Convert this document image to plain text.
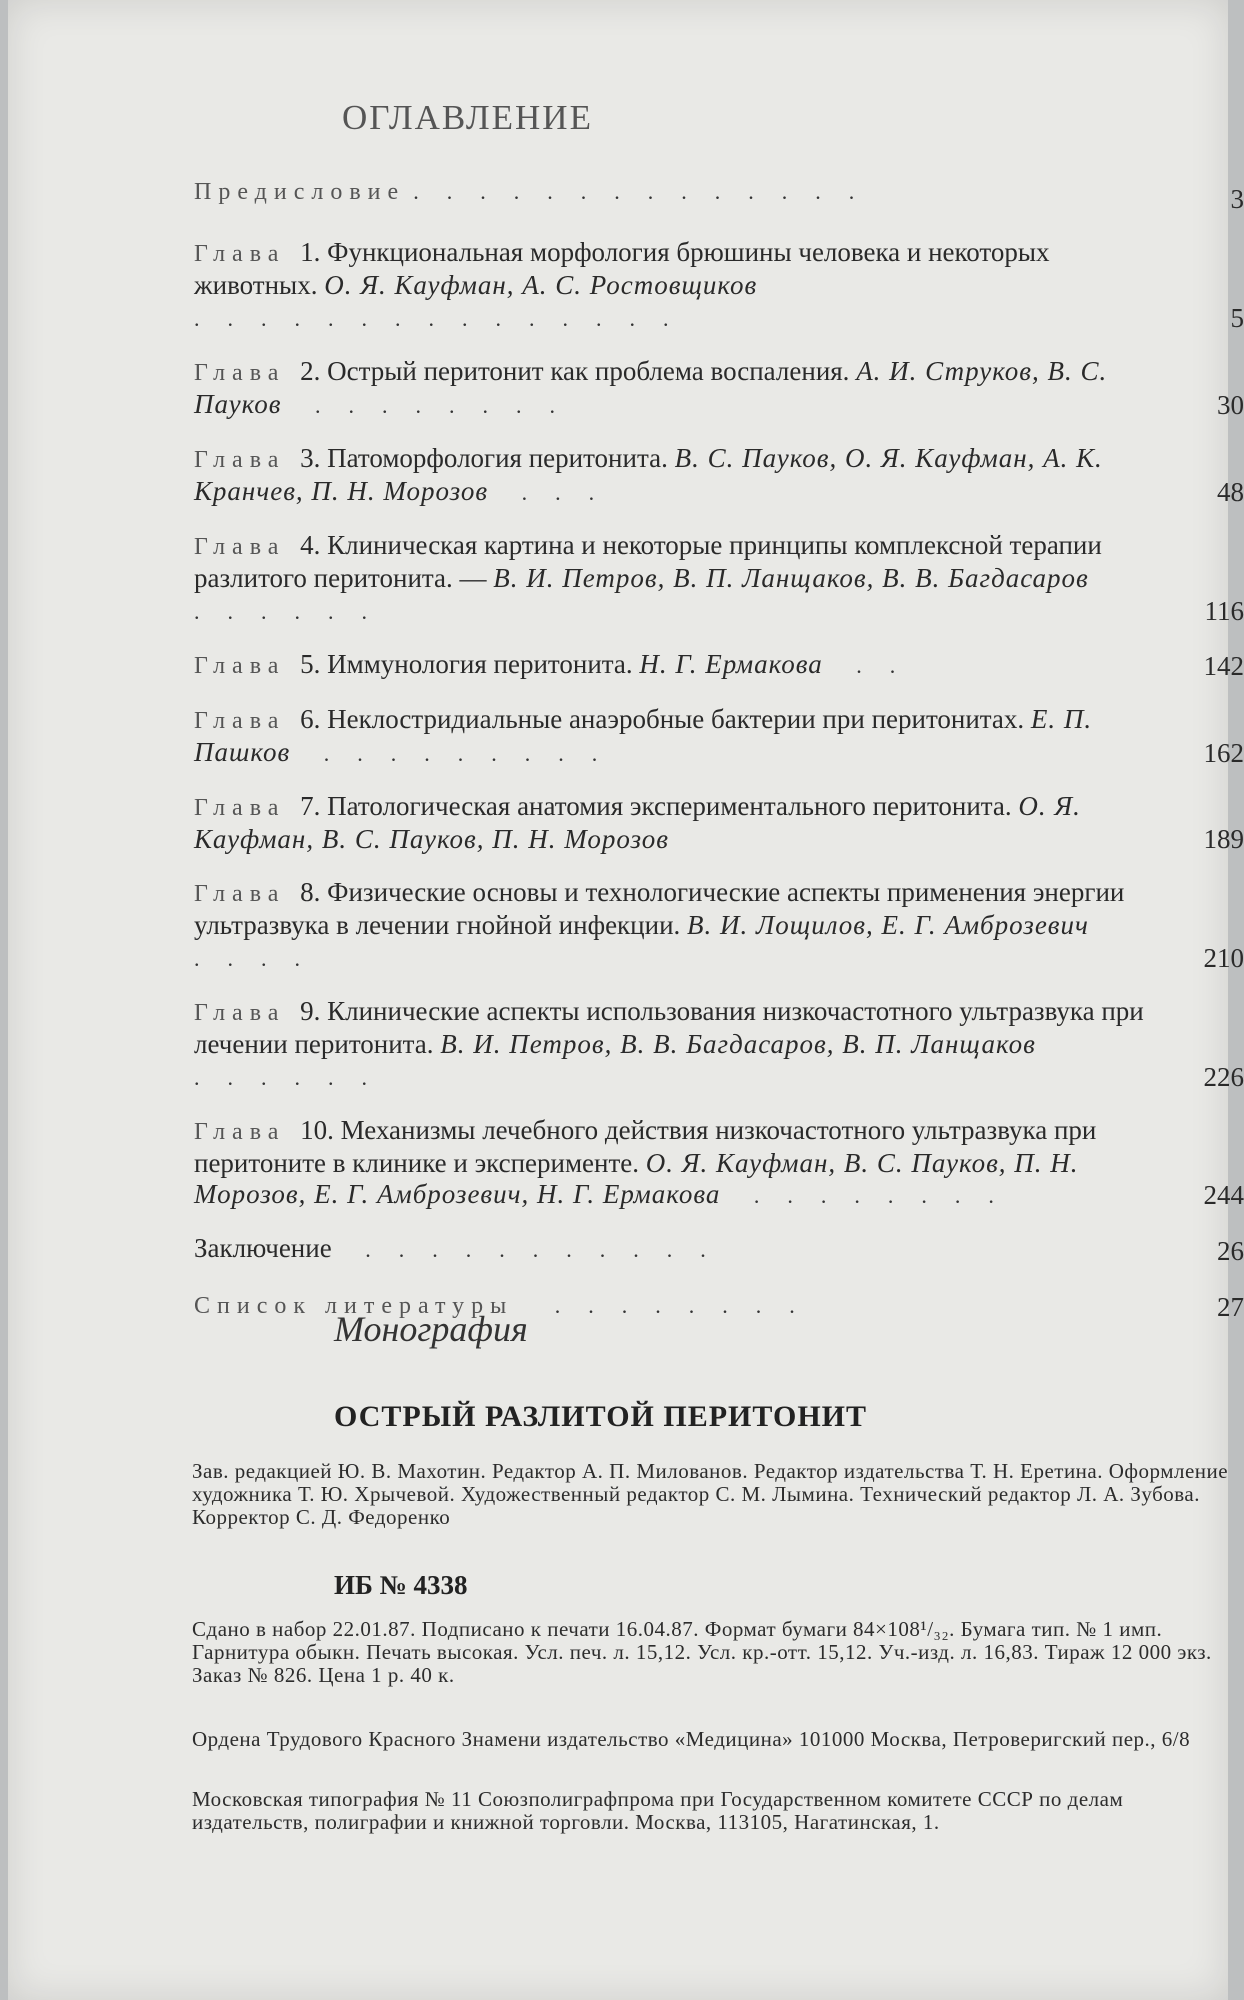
ОГЛАВЛЕНИЕ
Предисловие ..............	3
Глава 1. Функциональная морфология брюшины человека и некоторых животных. О. Я. Кауфман, А. С. Ростовщиков ...............	5
Глава 2. Острый перитонит как проблема воспаления. А. И. Струков, В. С. Пауков ........	30
Глава 3. Патоморфология перитонита. В. С. Пауков, О. Я. Кауфман, А. К. Кранчев, П. Н. Морозов ...	48
Глава 4. Клиническая картина и некоторые принципы комплексной терапии разлитого перитонита. — В. И. Петров, В. П. Ланщаков, В. В. Багдасаров ......	116
Глава 5. Иммунология перитонита. Н. Г. Ермакова ..	142
Глава 6. Неклостридиальные анаэробные бактерии при перитонитах. Е. П. Пашков .........	162
Глава 7. Патологическая анатомия экспериментального перитонита. О. Я. Кауфман, В. С. Пауков, П. Н. Морозов	189
Глава 8. Физические основы и технологические аспекты применения энергии ультразвука в лечении гнойной инфекции. В. И. Лощилов, Е. Г. Амброзевич ....	210
Глава 9. Клинические аспекты использования низкочастотного ультразвука при лечении перитонита. В. И. Петров, В. В. Багдасаров, В. П. Ланщаков ......	226
Глава 10. Механизмы лечебного действия низкочастотного ультразвука при перитоните в клинике и эксперименте. О. Я. Кауфман, В. С. Пауков, П. Н. Морозов, Е. Г. Амброзевич, Н. Г. Ермакова ........	244
Заключение ...........	26
Список литературы ........	27
Монография
ОСТРЫЙ РАЗЛИТОЙ ПЕРИТОНИТ
Зав. редакцией Ю. В. Махотин. Редактор А. П. Милованов. Редактор издательства Т. Н. Еретина. Оформление художника Т. Ю. Хрычевой. Художественный редактор С. М. Лымина. Технический редактор Л. А. Зубова. Корректор С. Д. Федоренко
ИБ № 4338
Сдано в набор 22.01.87. Подписано к печати 16.04.87. Формат бумаги 84×108¹/₃₂. Бумага тип. № 1 имп. Гарнитура обыкн. Печать высокая. Усл. печ. л. 15,12. Усл. кр.-отт. 15,12. Уч.-изд. л. 16,83. Тираж 12 000 экз. Заказ № 826. Цена 1 р. 40 к.
Ордена Трудового Красного Знамени издательство «Медицина» 101000 Москва, Петроверигский пер., 6/8
Московская типография № 11 Союзполиграфпрома при Государственном комитете СССР по делам издательств, полиграфии и книжной торговли. Москва, 113105, Нагатинская, 1.
